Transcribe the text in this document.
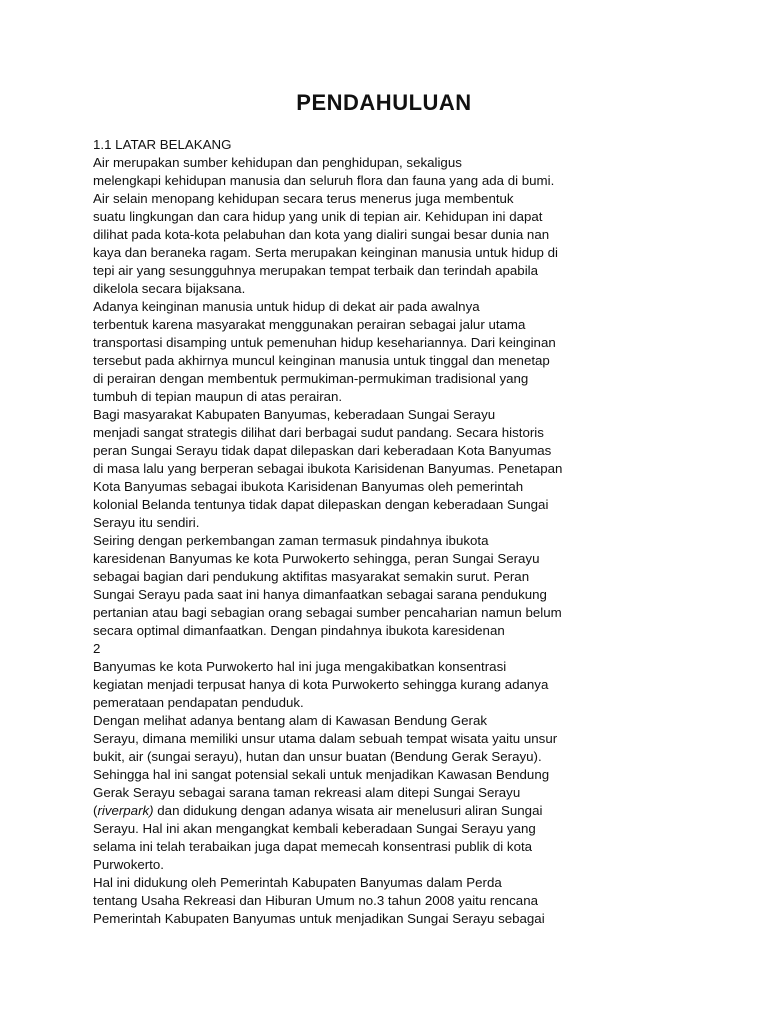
PENDAHULUAN
1.1 LATAR BELAKANG
Air merupakan sumber kehidupan dan penghidupan, sekaligus
melengkapi kehidupan manusia dan seluruh flora dan fauna yang ada di bumi.
Air selain menopang kehidupan secara terus menerus juga membentuk
suatu lingkungan dan cara hidup yang unik di tepian air. Kehidupan ini dapat
dilihat pada kota-kota pelabuhan dan kota yang dialiri sungai besar dunia nan
kaya dan beraneka ragam. Serta merupakan keinginan manusia untuk hidup di
tepi air yang sesungguhnya merupakan tempat terbaik dan terindah apabila
dikelola secara bijaksana.
Adanya keinginan manusia untuk hidup di dekat air pada awalnya
terbentuk karena masyarakat menggunakan perairan sebagai jalur utama
transportasi disamping untuk pemenuhan hidup kesehariannya. Dari keinginan
tersebut pada akhirnya muncul keinginan manusia untuk tinggal dan menetap
di perairan dengan membentuk permukiman-permukiman tradisional yang
tumbuh di tepian maupun di atas perairan.
Bagi masyarakat Kabupaten Banyumas, keberadaan Sungai Serayu
menjadi sangat strategis dilihat dari berbagai sudut pandang. Secara historis
peran Sungai Serayu tidak dapat dilepaskan dari keberadaan Kota Banyumas
di masa lalu yang berperan sebagai ibukota Karisidenan Banyumas. Penetapan
Kota Banyumas sebagai ibukota Karisidenan Banyumas oleh pemerintah
kolonial Belanda tentunya tidak dapat dilepaskan dengan keberadaan Sungai
Serayu itu sendiri.
Seiring dengan perkembangan zaman termasuk pindahnya ibukota
karesidenan Banyumas ke kota Purwokerto sehingga, peran Sungai Serayu
sebagai bagian dari pendukung aktifitas masyarakat semakin surut. Peran
Sungai Serayu pada saat ini hanya dimanfaatkan sebagai sarana pendukung
pertanian atau bagi sebagian orang sebagai sumber pencaharian namun belum
secara optimal dimanfaatkan. Dengan pindahnya ibukota karesidenan
2
Banyumas ke kota Purwokerto hal ini juga mengakibatkan konsentrasi
kegiatan menjadi terpusat hanya di kota Purwokerto sehingga kurang adanya
pemerataan pendapatan penduduk.
Dengan melihat adanya bentang alam di Kawasan Bendung Gerak
Serayu, dimana memiliki unsur utama dalam sebuah tempat wisata yaitu unsur
bukit, air (sungai serayu), hutan dan unsur buatan (Bendung Gerak Serayu).
Sehingga hal ini sangat potensial sekali untuk menjadikan Kawasan Bendung
Gerak Serayu sebagai sarana taman rekreasi alam ditepi Sungai Serayu
(riverpark) dan didukung dengan adanya wisata air menelusuri aliran Sungai
Serayu. Hal ini akan mengangkat kembali keberadaan Sungai Serayu yang
selama ini telah terabaikan juga dapat memecah konsentrasi publik di kota
Purwokerto.
Hal ini didukung oleh Pemerintah Kabupaten Banyumas dalam Perda
tentang Usaha Rekreasi dan Hiburan Umum no.3 tahun 2008 yaitu rencana
Pemerintah Kabupaten Banyumas untuk menjadikan Sungai Serayu sebagai
